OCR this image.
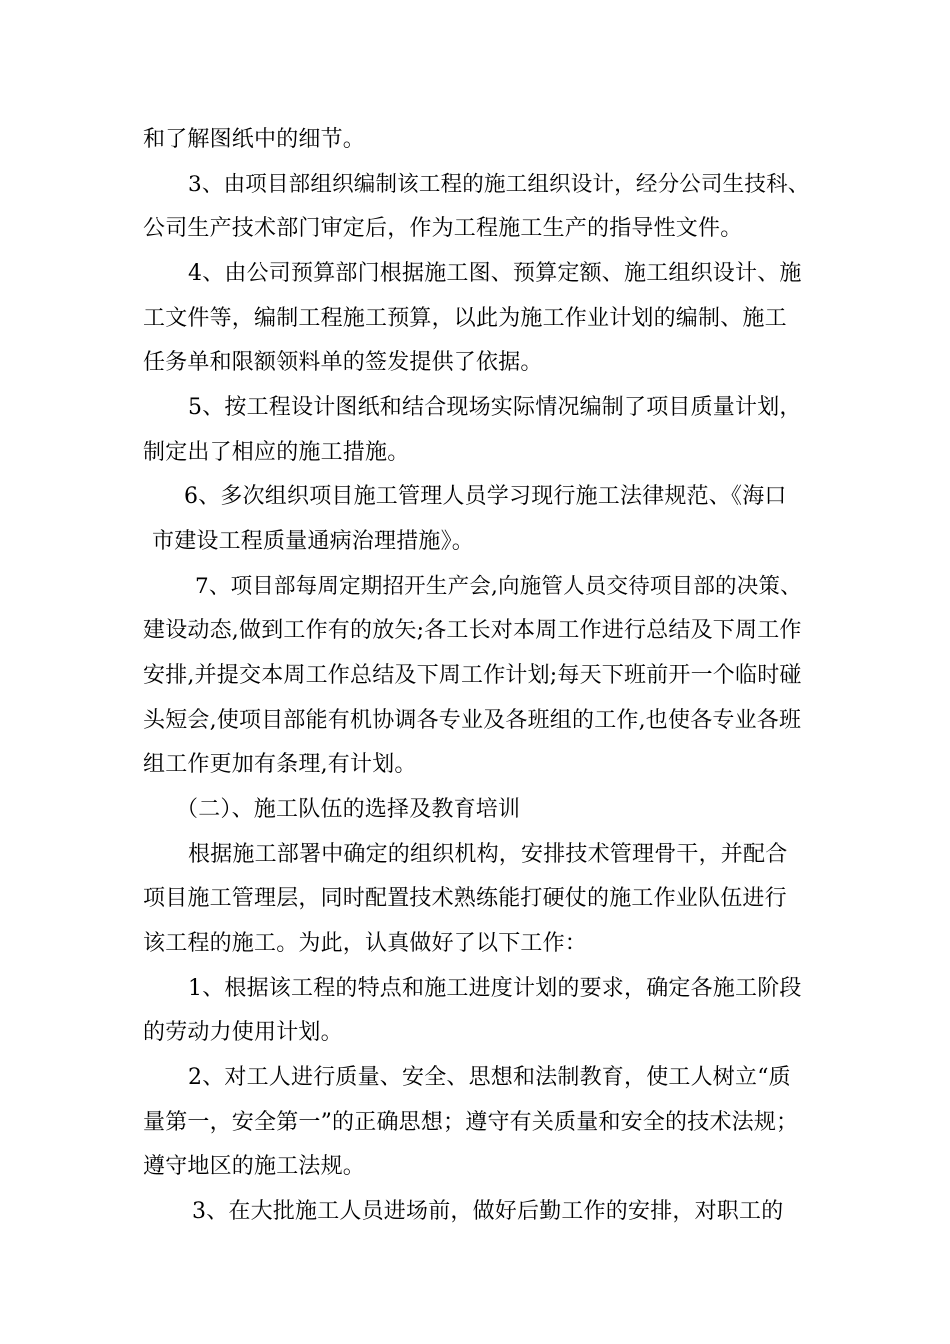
和了解图纸中的细节。
3、由项目部组织编制该工程的施工组织设计，经分公司生技科、
公司生产技术部门审定后，作为工程施工生产的指导性文件。
4、由公司预算部门根据施工图、预算定额、施工组织设计、施
工文件等，编制工程施工预算，以此为施工作业计划的编制、施工
任务单和限额领料单的签发提供了依据。
5、按工程设计图纸和结合现场实际情况编制了项目质量计划，
制定出了相应的施工措施。
6、多次组织项目施工管理人员学习现行施工法律规范、《海口
市建设工程质量通病治理措施》。
7、项目部每周定期招开生产会,向施管人员交待项目部的决策、
建设动态,做到工作有的放矢;各工长对本周工作进行总结及下周工作
安排,并提交本周工作总结及下周工作计划;每天下班前开一个临时碰
头短会,使项目部能有机协调各专业及各班组的工作,也使各专业各班
组工作更加有条理,有计划。
（二）、施工队伍的选择及教育培训
根据施工部署中确定的组织机构，安排技术管理骨干，并配合
项目施工管理层，同时配置技术熟练能打硬仗的施工作业队伍进行
该工程的施工。为此，认真做好了以下工作：
1、根据该工程的特点和施工进度计划的要求，确定各施工阶段
的劳动力使用计划。
2、对工人进行质量、安全、思想和法制教育，使工人树立“质
量第一，安全第一”的正确思想；遵守有关质量和安全的技术法规；
遵守地区的施工法规。
3、在大批施工人员进场前，做好后勤工作的安排，对职工的
